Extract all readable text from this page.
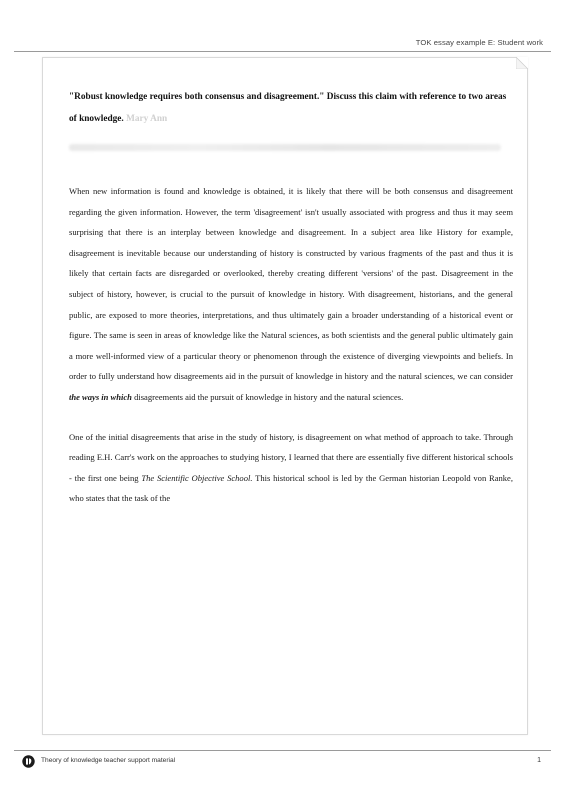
TOK essay example E: Student work

"Robust knowledge requires both consensus and disagreement." Discuss this claim with reference to two areas of knowledge. Mary Ann

When new information is found and knowledge is obtained, it is likely that there will be both consensus and disagreement regarding the given information. However, the term 'disagreement' isn't usually associated with progress and thus it may seem surprising that there is an interplay between knowledge and disagreement. In a subject area like History for example, disagreement is inevitable because our understanding of history is constructed by various fragments of the past and thus it is likely that certain facts are disregarded or overlooked, thereby creating different 'versions' of the past. Disagreement in the subject of history, however, is crucial to the pursuit of knowledge in history. With disagreement, historians, and the general public, are exposed to more theories, interpretations, and thus ultimately gain a broader understanding of a historical event or figure. The same is seen in areas of knowledge like the Natural sciences, as both scientists and the general public ultimately gain a more well-informed view of a particular theory or phenomenon through the existence of diverging viewpoints and beliefs. In order to fully understand how disagreements aid in the pursuit of knowledge in history and the natural sciences, we can consider the ways in which disagreements aid the pursuit of knowledge in history and the natural sciences.

One of the initial disagreements that arise in the study of history, is disagreement on what method of approach to take. Through reading E.H. Carr's work on the approaches to studying history, I learned that there are essentially five different historical schools - the first one being The Scientific Objective School. This historical school is led by the German historian Leopold von Ranke, who states that the task of the

Theory of knowledge teacher support material	1
